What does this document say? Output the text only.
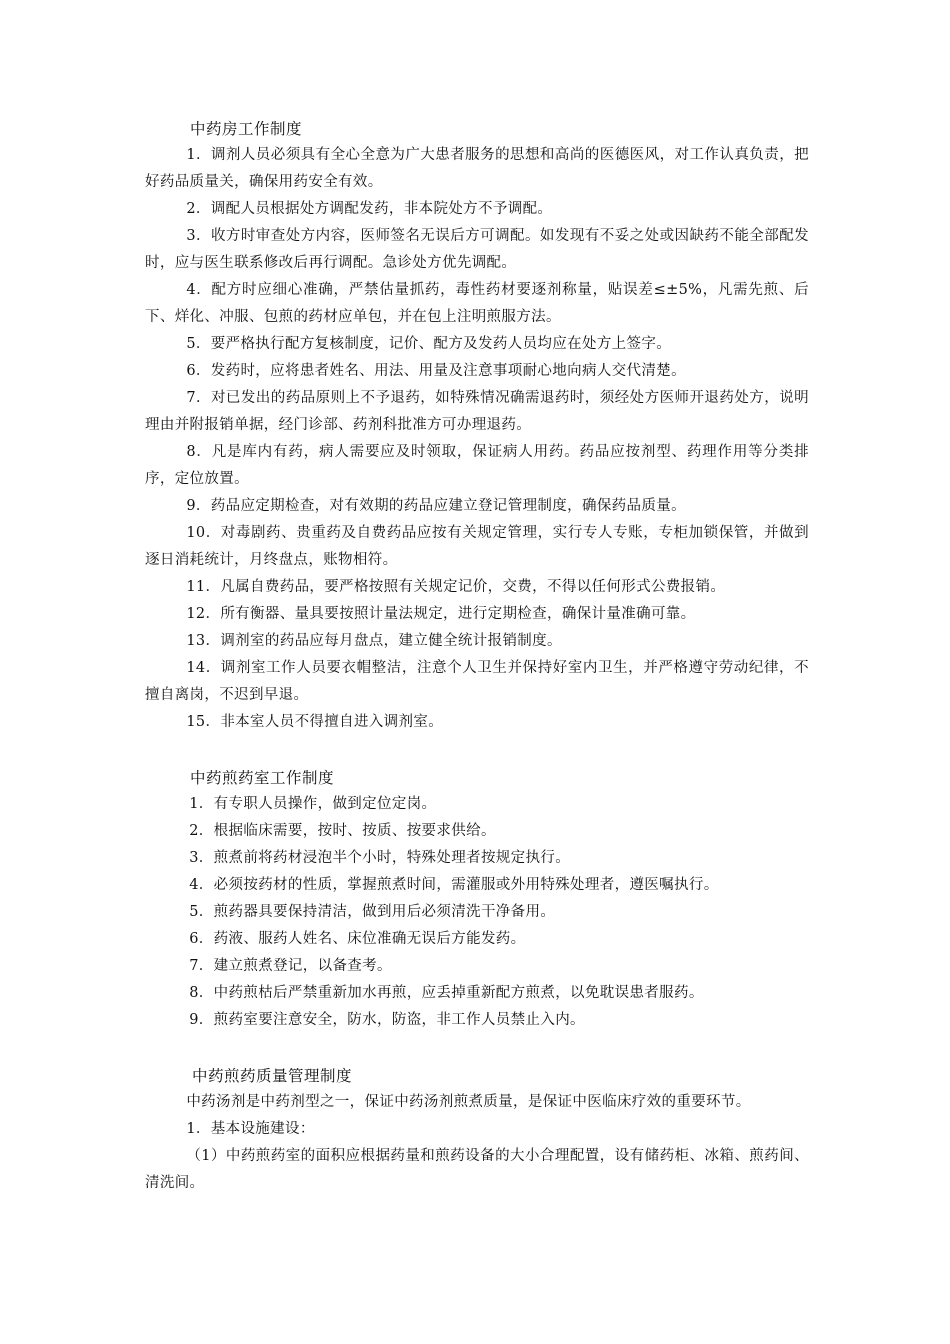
中药房工作制度

1．调剂人员必须具有全心全意为广大患者服务的思想和高尚的医德医风，对工作认真负责，把好药品质量关，确保用药安全有效。

2．调配人员根据处方调配发药，非本院处方不予调配。

3．收方时审查处方内容，医师签名无误后方可调配。如发现有不妥之处或因缺药不能全部配发时，应与医生联系修改后再行调配。急诊处方优先调配。

4．配方时应细心准确，严禁估量抓药，毒性药材要逐剂称量，贴误差≤±5%，凡需先煎、后下、烊化、冲服、包煎的药材应单包，并在包上注明煎服方法。

5．要严格执行配方复核制度，记价、配方及发药人员均应在处方上签字。

6．发药时，应将患者姓名、用法、用量及注意事项耐心地向病人交代清楚。

7．对已发出的药品原则上不予退药，如特殊情况确需退药时，须经处方医师开退药处方，说明理由并附报销单据，经门诊部、药剂科批准方可办理退药。

8．凡是库内有药，病人需要应及时领取，保证病人用药。药品应按剂型、药理作用等分类排序，定位放置。

9．药品应定期检查，对有效期的药品应建立登记管理制度，确保药品质量。

10．对毒剧药、贵重药及自费药品应按有关规定管理，实行专人专账，专柜加锁保管，并做到逐日消耗统计，月终盘点，账物相符。

11．凡属自费药品，要严格按照有关规定记价，交费，不得以任何形式公费报销。

12．所有衡器、量具要按照计量法规定，进行定期检查，确保计量准确可靠。

13．调剂室的药品应每月盘点，建立健全统计报销制度。

14．调剂室工作人员要衣帽整洁，注意个人卫生并保持好室内卫生，并严格遵守劳动纪律，不擅自离岗，不迟到早退。

15．非本室人员不得擅自进入调剂室。

中药煎药室工作制度

1．有专职人员操作，做到定位定岗。

2．根据临床需要，按时、按质、按要求供给。

3．煎煮前将药材浸泡半个小时，特殊处理者按规定执行。

4．必须按药材的性质，掌握煎煮时间，需灌服或外用特殊处理者，遵医嘱执行。

5．煎药器具要保持清洁，做到用后必须清洗干净备用。

6．药液、服药人姓名、床位准确无误后方能发药。

7．建立煎煮登记，以备查考。

8．中药煎枯后严禁重新加水再煎，应丢掉重新配方煎煮，以免耽误患者服药。

9．煎药室要注意安全，防水，防盗，非工作人员禁止入内。

中药煎药质量管理制度

中药汤剂是中药剂型之一，保证中药汤剂煎煮质量，是保证中医临床疗效的重要环节。

1．基本设施建设：

（1）中药煎药室的面积应根据药量和煎药设备的大小合理配置，设有储药柜、冰箱、煎药间、清洗间。
